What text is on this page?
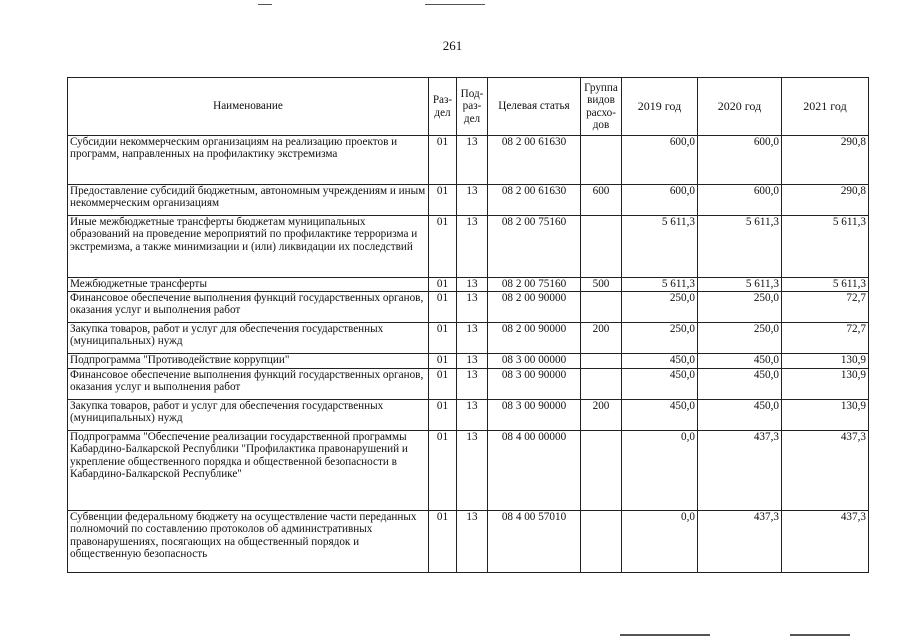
261
Наименование	Раз-дел	Под-раз-дел	Целевая статья	Группа видов расхо-дов	2019 год	2020 год	2021 год
Субсидии некоммерческим организациям на реализацию проектов и программ, направленных на профилактику экстремизма	01	13	08 2 00 61630		600,0	600,0	290,8
Предоставление субсидий бюджетным, автономным учреждениям и иным некоммерческим организациям	01	13	08 2 00 61630	600	600,0	600,0	290,8
Иные межбюджетные трансферты бюджетам муниципальных образований на проведение мероприятий по профилактике терроризма и экстремизма, а также минимизации и (или) ликвидации их последствий	01	13	08 2 00 75160		5 611,3	5 611,3	5 611,3
Межбюджетные трансферты	01	13	08 2 00 75160	500	5 611,3	5 611,3	5 611,3
Финансовое обеспечение выполнения функций государственных органов, оказания услуг и выполнения работ	01	13	08 2 00 90000		250,0	250,0	72,7
Закупка товаров, работ и услуг для обеспечения государственных (муниципальных) нужд	01	13	08 2 00 90000	200	250,0	250,0	72,7
Подпрограмма "Противодействие коррупции"	01	13	08 3 00 00000		450,0	450,0	130,9
Финансовое обеспечение выполнения функций государственных органов, оказания услуг и выполнения работ	01	13	08 3 00 90000		450,0	450,0	130,9
Закупка товаров, работ и услуг для обеспечения государственных (муниципальных) нужд	01	13	08 3 00 90000	200	450,0	450,0	130,9
Подпрограмма "Обеспечение реализации государственной программы Кабардино-Балкарской Республики "Профилактика правонарушений и укрепление общественного порядка и общественной безопасности в Кабардино-Балкарской Республике"	01	13	08 4 00 00000		0,0	437,3	437,3
Субвенции федеральному бюджету на осуществление части переданных полномочий по составлению протоколов об административных правонарушениях, посягающих на общественный порядок и общественную безопасность	01	13	08 4 00 57010		0,0	437,3	437,3
